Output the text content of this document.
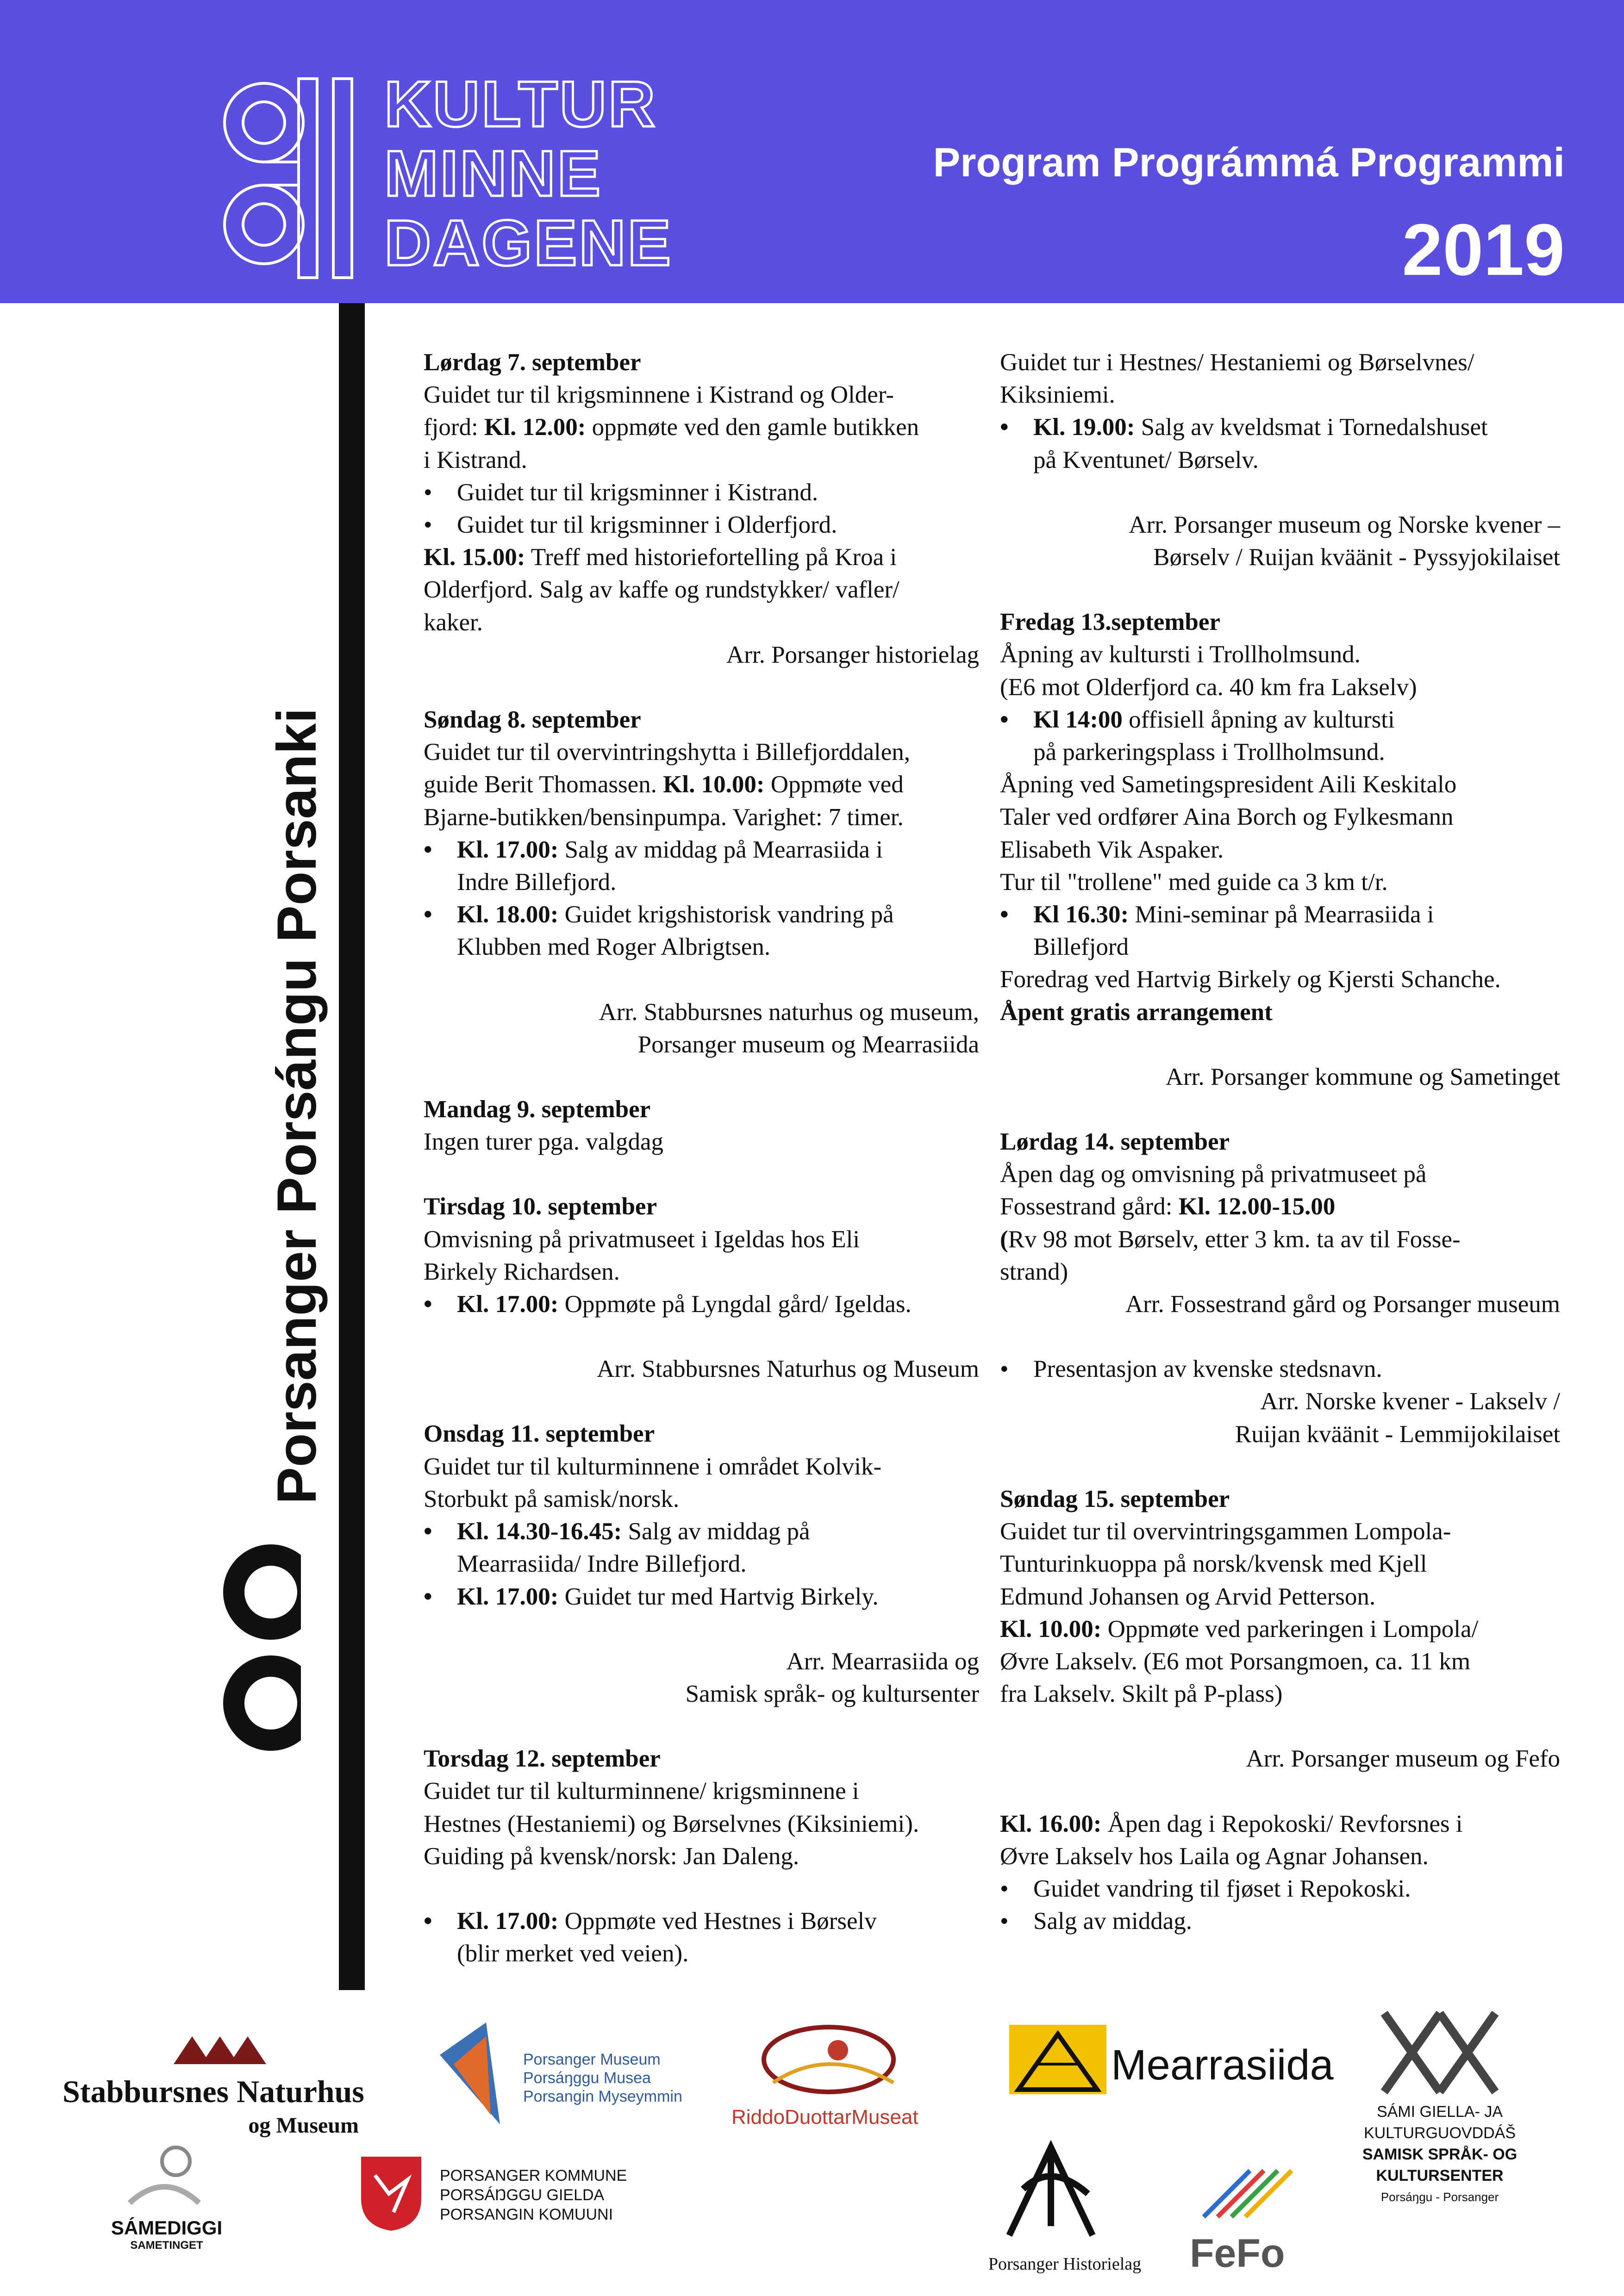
KULTUR
MINNE
DAGENE
Program Prográmmá Programmi
2019
Porsanger Porsángu Porsanki

Lørdag 7. september

Guidet tur til krigsminnene i Kistrand og Older-

fjord: Kl. 12.00: oppmøte ved den gamle butikken

i Kistrand.

•	Guidet tur til krigsminner i Kistrand.
•	Guidet tur til krigsminner i Olderfjord.

Kl. 15.00: Treff med historiefortelling på Kroa i

Olderfjord. Salg av kaffe og rundstykker/ vafler/

kaker.

Arr. Porsanger historielag

Søndag 8. september

Guidet tur til overvintringshytta i Billefjorddalen,

guide Berit Thomassen. Kl. 10.00: Oppmøte ved

Bjarne-butikken/bensinpumpa. Varighet: 7 timer.

•	Kl. 17.00: Salg av middag på Mearrasiida i
Indre Billefjord.
•	Kl. 18.00: Guidet krigshistorisk vandring på
Klubben med Roger Albrigtsen.

Arr. Stabbursnes naturhus og museum,

Porsanger museum og Mearrasiida

Mandag 9. september

Ingen turer pga. valgdag

Tirsdag 10. september

Omvisning på privatmuseet i Igeldas hos Eli

Birkely Richardsen.

•	Kl. 17.00: Oppmøte på Lyngdal gård/ Igeldas.

Arr. Stabbursnes Naturhus og Museum

Onsdag 11. september

Guidet tur til kulturminnene i området Kolvik-

Storbukt på samisk/norsk.

•	Kl. 14.30-16.45: Salg av middag på
Mearrasiida/ Indre Billefjord.
•	Kl. 17.00: Guidet tur med Hartvig Birkely.

Arr. Mearrasiida og

Samisk språk- og kultursenter

Torsdag 12. september

Guidet tur til kulturminnene/ krigsminnene i

Hestnes (Hestaniemi) og Børselvnes (Kiksiniemi).

Guiding på kvensk/norsk: Jan Daleng.

•	Kl. 17.00: Oppmøte ved Hestnes i Børselv
(blir merket ved veien).

Guidet tur i Hestnes/ Hestaniemi og Børselvnes/

Kiksiniemi.

•	Kl. 19.00: Salg av kveldsmat i Tornedalshuset
på Kventunet/ Børselv.

Arr. Porsanger museum og Norske kvener –

Børselv / Ruijan kväänit - Pyssyjokilaiset

Fredag 13.september

Åpning av kultursti i Trollholmsund.

(E6 mot Olderfjord ca. 40 km fra Lakselv)

•	Kl 14:00 offisiell åpning av kultursti
på parkeringsplass i Trollholmsund.

Åpning ved Sametingspresident Aili Keskitalo

Taler ved ordfører Aina Borch og Fylkesmann

Elisabeth Vik Aspaker.

Tur til "trollene" med guide ca 3 km t/r.

•	Kl 16.30: Mini-seminar på Mearrasiida i
Billefjord

Foredrag ved Hartvig Birkely og Kjersti Schanche.

Åpent gratis arrangement

Arr. Porsanger kommune og Sametinget

Lørdag 14. september

Åpen dag og omvisning på privatmuseet på

Fossestrand gård: Kl. 12.00-15.00

(Rv 98 mot Børselv, etter 3 km. ta av til Fosse-

strand)

Arr. Fossestrand gård og Porsanger museum

•	Presentasjon av kvenske stedsnavn.

Arr. Norske kvener - Lakselv /

Ruijan kväänit - Lemmijokilaiset

Søndag 15. september

Guidet tur til overvintringsgammen Lompola-

Tunturinkuoppa på norsk/kvensk med Kjell

Edmund Johansen og Arvid Petterson.

Kl. 10.00: Oppmøte ved parkeringen i Lompola/

Øvre Lakselv. (E6 mot Porsangmoen, ca. 11 km

fra Lakselv. Skilt på P-plass)

Arr. Porsanger museum og Fefo

Kl. 16.00: Åpen dag i Repokoski/ Revforsnes i

Øvre Lakselv hos Laila og Agnar Johansen.

•	Guidet vandring til fjøset i Repokoski.
•	Salg av middag.
Stabbursnes Naturhus
og Museum
Porsanger Museum
Porsáŋggu Musea
Porsangin Myseymmin
RiddoDuottarMuseat
Mearrasiida
SÁMI GIELLA- JA KULTURGUOVDDÁŠ
SAMISK SPRÅK- OG KULTURSENTER
Porsáŋgu - Porsanger
SÁMEDIGGI
SAMETINGET
PORSANGER KOMMUNE
PORSÁŊGGU GIELDA
PORSANGIN KOMUUNI
Porsanger Historielag	FeFo
